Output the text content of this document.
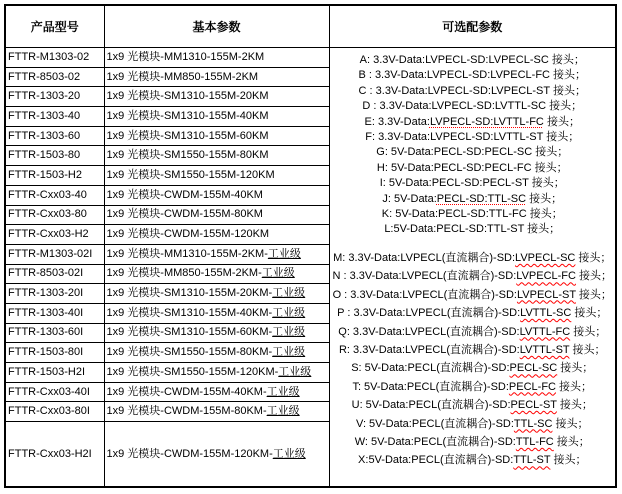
产品型号	基本参数	可选配参数
FTTR-M1303-02	1x9 光模块-MM1310-155M-2KM	A: 3.3V-Data:LVPECL-SD:LVPECL-SC 接头；
B : 3.3V-Data:LVPECL-SD:LVPECL-FC 接头；
C : 3.3V-Data:LVPECL-SD:LVPECL-ST 接头；
D : 3.3V-Data:LVPECL-SD:LVTTL-SC 接头；
E: 3.3V-Data:LVPECL-SD:LVTTL-FC 接头；
F: 3.3V-Data:LVPECL-SD:LVTTL-ST 接头；
G: 5V-Data:PECL-SD:PECL-SC 接头；
H: 5V-Data:PECL-SD:PECL-FC 接头；
I: 5V-Data:PECL-SD:PECL-ST 接头；
J: 5V-Data:PECL-SD:TTL-SC 接头；
K: 5V-Data:PECL-SD:TTL-FC 接头；
L:5V-Data:PECL-SD:TTL-ST 接头；
M: 3.3V-Data:LVPECL(直流耦合)-SD:LVPECL-SC 接头；
N : 3.3V-Data:LVPECL(直流耦合)-SD:LVPECL-FC 接头；
O : 3.3V-Data:LVPECL(直流耦合)-SD:LVPECL-ST 接头；
P : 3.3V-Data:LVPECL(直流耦合)-SD:LVTTL-SC 接头；
Q: 3.3V-Data:LVPECL(直流耦合)-SD:LVTTL-FC 接头；
R: 3.3V-Data:LVPECL(直流耦合)-SD:LVTTL-ST 接头；
S: 5V-Data:PECL(直流耦合)-SD:PECL-SC 接头；
T: 5V-Data:PECL(直流耦合)-SD:PECL-FC 接头；
U: 5V-Data:PECL(直流耦合)-SD:PECL-ST 接头；
V: 5V-Data:PECL(直流耦合)-SD:TTL-SC 接头；
W: 5V-Data:PECL(直流耦合)-SD:TTL-FC 接头；
X:5V-Data:PECL(直流耦合)-SD:TTL-ST 接头；

FTTR-8503-02	1x9 光模块-MM850-155M-2KM	
FTTR-1303-20	1x9 光模块-SM1310-155M-20KM	
FTTR-1303-40	1x9 光模块-SM1310-155M-40KM	
FTTR-1303-60	1x9 光模块-SM1310-155M-60KM	
FTTR-1503-80	1x9 光模块-SM1550-155M-80KM	
FTTR-1503-H2	1x9 光模块-SM1550-155M-120KM	
FTTR-Cxx03-40	1x9 光模块-CWDM-155M-40KM	
FTTR-Cxx03-80	1x9 光模块-CWDM-155M-80KM	
FTTR-Cxx03-H2	1x9 光模块-CWDM-155M-120KM	
FTTR-M1303-02I	1x9 光模块-MM1310-155M-2KM-工业级	
FTTR-8503-02I	1x9 光模块-MM850-155M-2KM-工业级	
FTTR-1303-20I	1x9 光模块-SM1310-155M-20KM-工业级	
FTTR-1303-40I	1x9 光模块-SM1310-155M-40KM-工业级	
FTTR-1303-60I	1x9 光模块-SM1310-155M-60KM-工业级	
FTTR-1503-80I	1x9 光模块-SM1550-155M-80KM-工业级	
FTTR-1503-H2I	1x9 光模块-SM1550-155M-120KM-工业级	
FTTR-Cxx03-40I	1x9 光模块-CWDM-155M-40KM-工业级	
FTTR-Cxx03-80I	1x9 光模块-CWDM-155M-80KM-工业级	
FTTR-Cxx03-H2I	1x9 光模块-CWDM-155M-120KM-工业级	
